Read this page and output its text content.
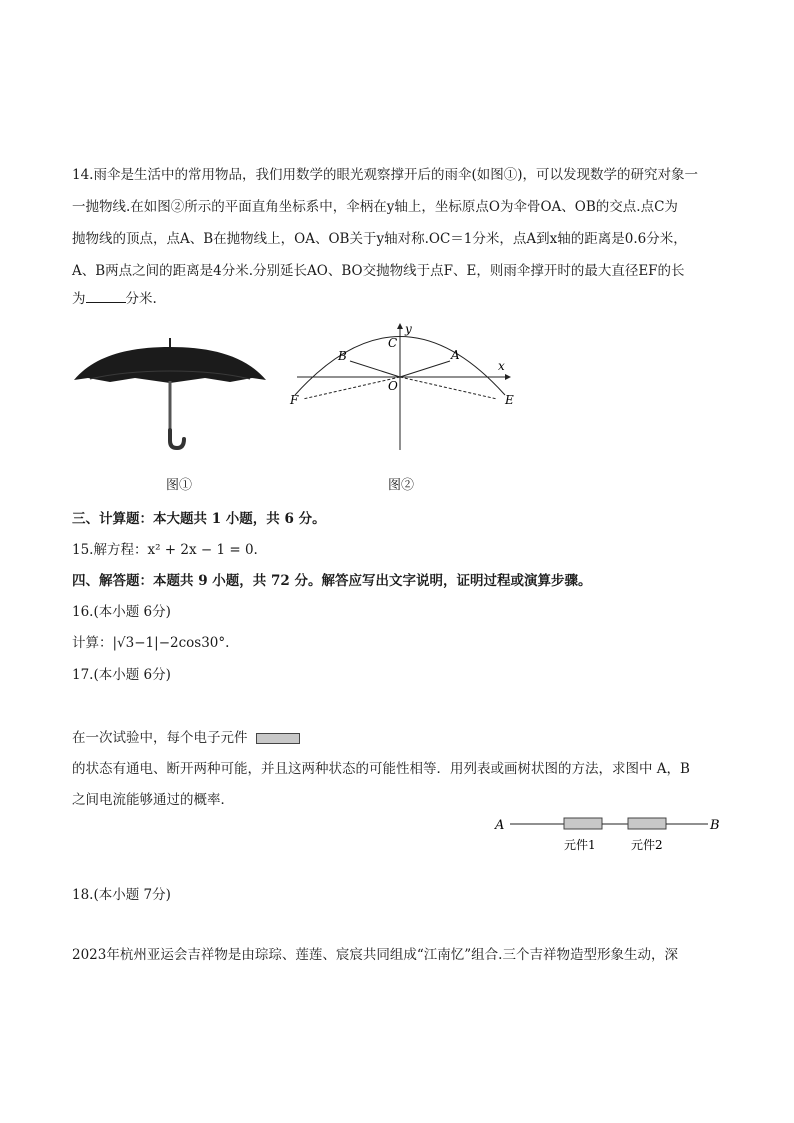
14.雨伞是生活中的常用物品，我们用数学的眼光观察撑开后的雨伞(如图①)，可以发现数学的研究对象一
一抛物线.在如图②所示的平面直角坐标系中，伞柄在y轴上，坐标原点O为伞骨OA、OB的交点.点C为
抛物线的顶点，点A、B在抛物线上，OA、OB关于y轴对称.OC＝1分米，点A到x轴的距离是0.6分米，
A、B两点之间的距离是4分米.分别延长AO、BO交抛物线于点F、E，则雨伞撑开时的最大直径EF的长
为	分米.
图①
y
x
C
B	A
O
F	E
图②
三、计算题：本大题共 1 小题，共 6 分。
15.解方程：x² + 2x − 1 = 0.
四、解答题：本题共 9 小题，共 72 分。解答应写出文字说明，证明过程或演算步骤。
16.(本小题 6分)
计算：|√3−1|−2cos30°.
17.(本小题 6分)
在一次试验中，每个电子元件
的状态有通电、断开两种可能，并且这两种状态的可能性相等．用列表或画树状图的方法，求图中 A，B
之间电流能够通过的概率．
A	B
元件1	元件2
18.(本小题 7分)
2023年杭州亚运会吉祥物是由琮琮、莲莲、宸宸共同组成“江南忆”组合.三个吉祥物造型形象生动，深
